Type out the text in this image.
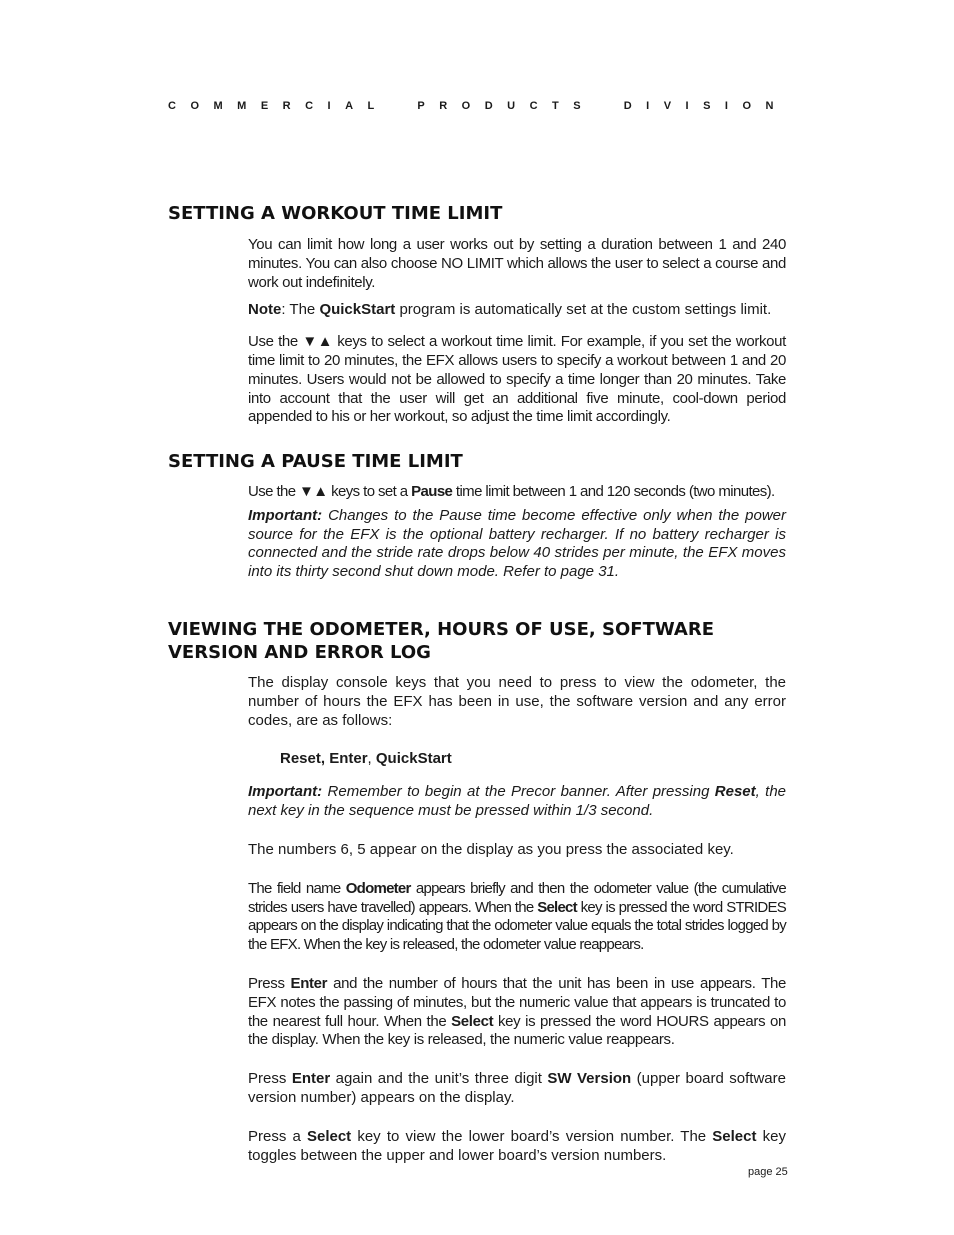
COMMERCIAL	PRODUCTS	DIVISION
SETTING A WORKOUT TIME LIMIT

You can limit how long a user works out by setting a duration between 1 and 240 minutes. You can also choose NO LIMIT which allows the user to select a course and work out indefinitely.

Note: The QuickStart program is automatically set at the custom settings limit.

Use the ▼▲ keys to select a workout time limit. For example, if you set the workout time limit to 20 minutes, the EFX allows users to specify a workout between 1 and 20 minutes. Users would not be allowed to specify a time longer than 20 minutes. Take into account that the user will get an additional five minute, cool-down period appended to his or her workout, so adjust the time limit accordingly.

SETTING A PAUSE TIME LIMIT

Use the ▼▲ keys to set a Pause time limit between 1 and 120 seconds (two minutes).

Important: Changes to the Pause time become effective only when the power source for the EFX is the optional battery recharger. If no battery recharger is connected and the stride rate drops below 40 strides per minute, the EFX moves into its thirty second shut down mode. Refer to page 31.

VIEWING THE ODOMETER, HOURS OF USE, SOFTWARE
VERSION AND ERROR LOG

The display console keys that you need to press to view the odometer, the number of hours the EFX has been in use, the software version and any error codes, are as follows:

Reset, Enter, QuickStart

Important: Remember to begin at the Precor banner. After pressing Reset, the next key in the sequence must be pressed within 1/3 second.

The numbers 6, 5 appear on the display as you press the associated key.

The field name Odometer appears briefly and then the odometer value (the cumulative strides users have travelled) appears. When the Select key is pressed the word STRIDES appears on the display indicating that the odometer value equals the total strides logged by the EFX. When the key is released, the odometer value reappears.

Press Enter and the number of hours that the unit has been in use appears. The EFX notes the passing of minutes, but the numeric value that appears is truncated to the nearest full hour. When the Select key is pressed the word HOURS appears on the display. When the key is released, the numeric value reappears.

Press Enter again and the unit’s three digit SW Version (upper board software version number) appears on the display.

Press a Select key to view the lower board’s version number. The Select key toggles between the upper and lower board’s version numbers.

page 25
